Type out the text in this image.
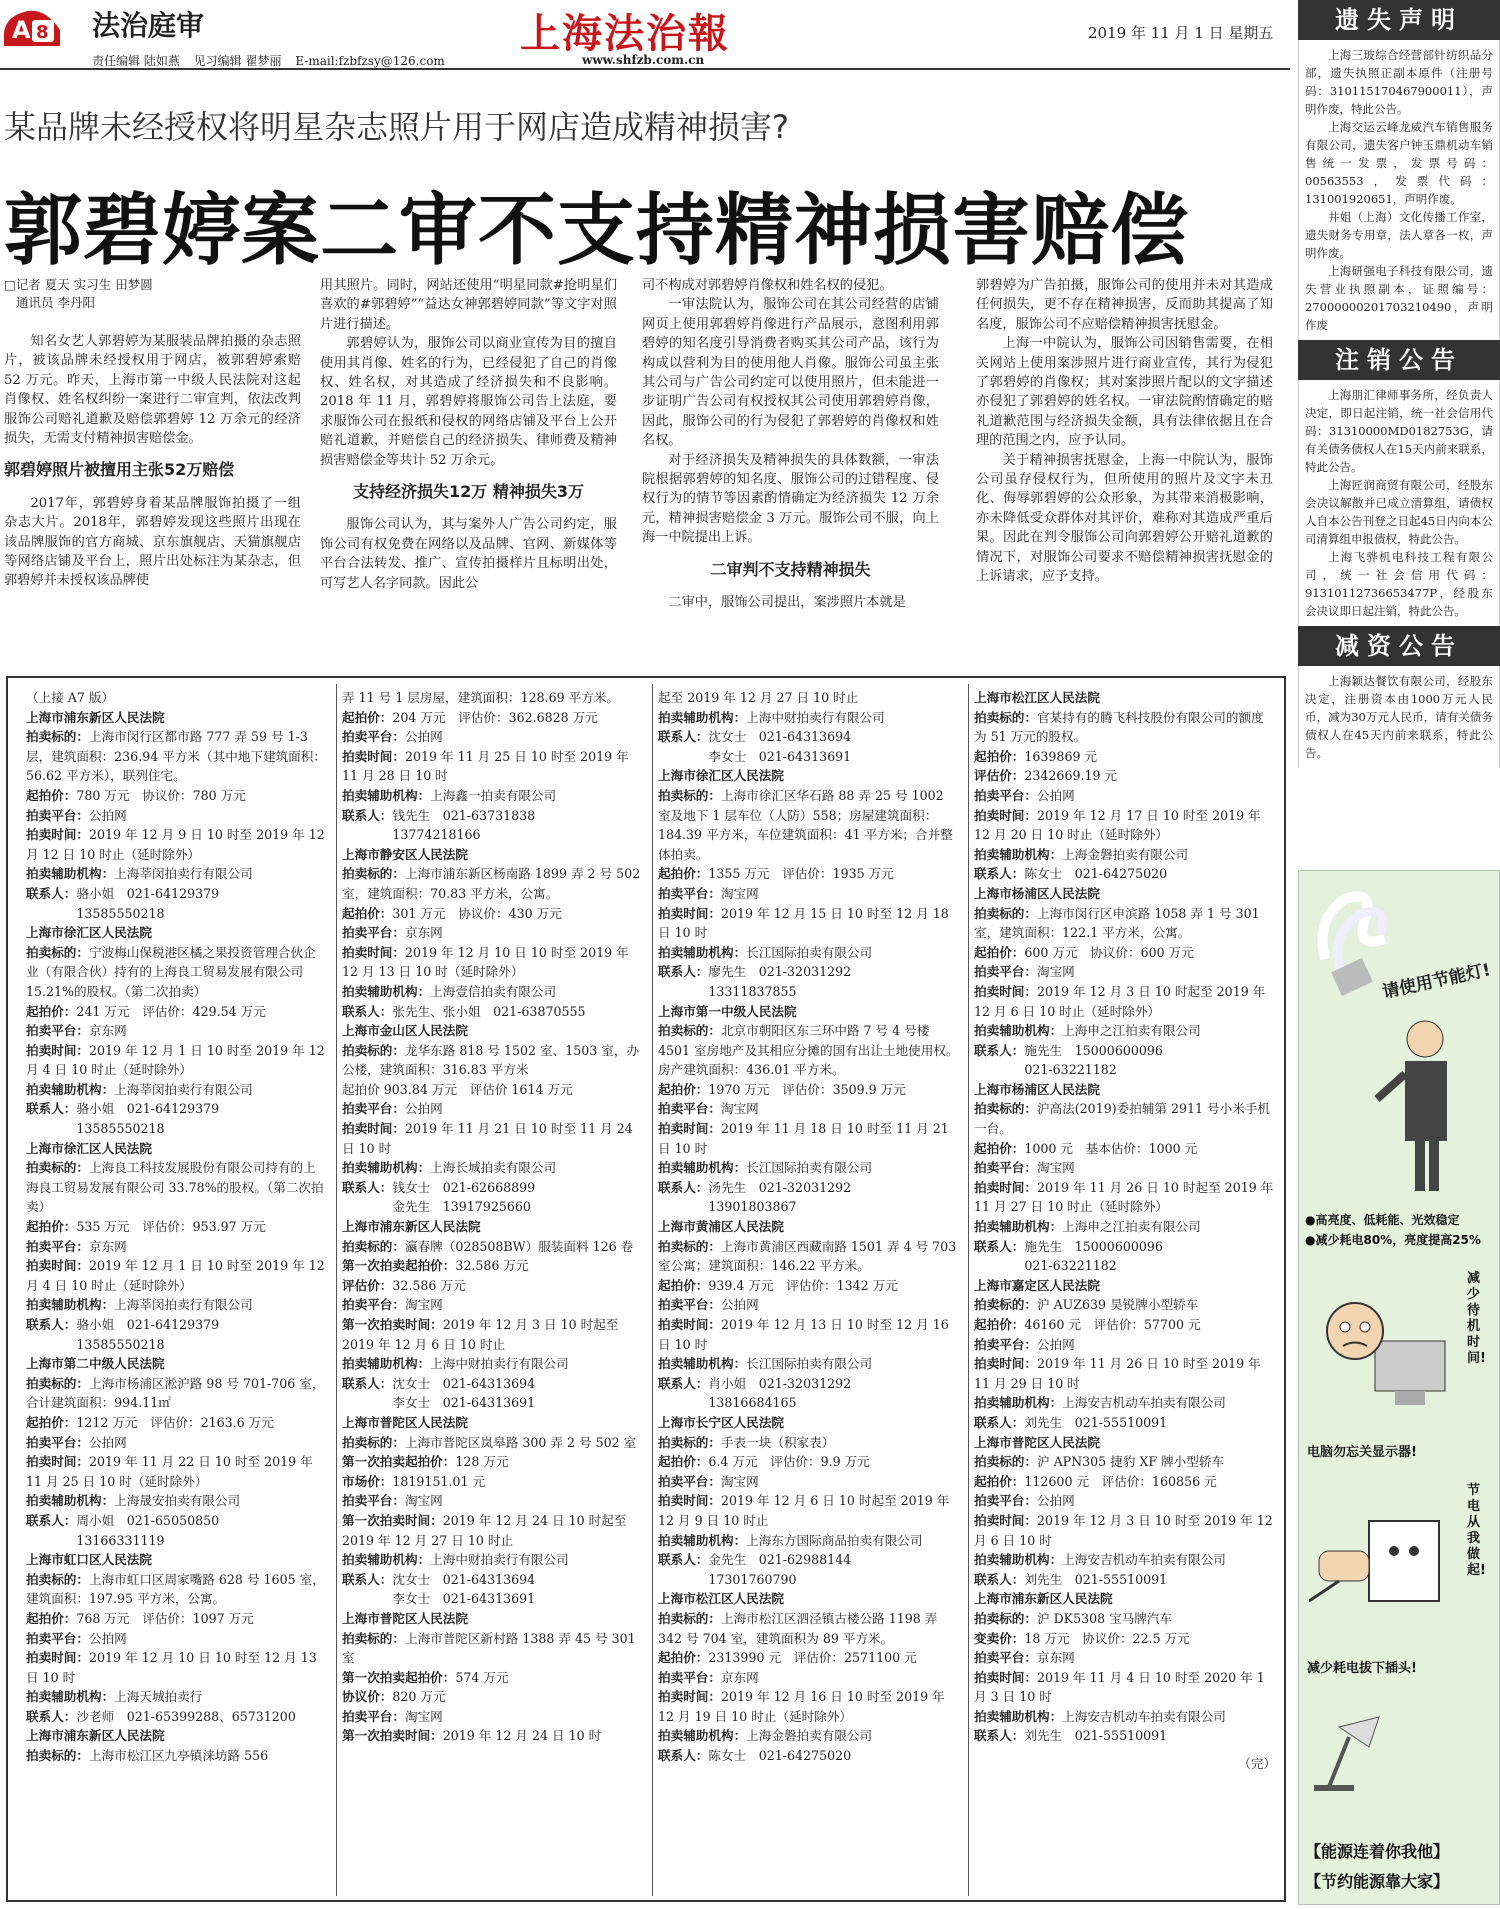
A 8 法治庭审
责任编辑 陆如燕 见习编辑 翟梦丽 E-mail:fzbfzsy@126.com
上海法治報
www.shfzb.com.cn
2019 年 11 月 1 日 星期五
某品牌未经授权将明星杂志照片用于网店造成精神损害?
郭碧婷案二审不支持精神损害赔偿
□记者 夏天 实习生 田梦圆
通讯员 李丹阳

知名女艺人郭碧婷为某服装品牌拍摄的杂志照片，被该品牌未经授权用于网店，被郭碧婷索赔 52 万元。昨天，上海市第一中级人民法院对这起肖像权、姓名权纠纷一案进行二审宣判，依法改判服饰公司赔礼道歉及赔偿郭碧婷 12 万余元的经济损失，无需支付精神损害赔偿金。

郭碧婷照片被擅用主张52万赔偿

2017年，郭碧婷身着某品牌服饰拍摄了一组杂志大片。2018年，郭碧婷发现这些照片出现在该品牌服饰的官方商城、京东旗舰店、天猫旗舰店等网络店铺及平台上，照片出处标注为某杂志，但郭碧婷并未授权该品牌使

用其照片。同时，网站还使用“明星同款#抢明星们喜欢的#郭碧婷”“益达女神郭碧婷同款”等文字对照片进行描述。

郭碧婷认为，服饰公司以商业宣传为目的擅自使用其肖像、姓名的行为，已经侵犯了自己的肖像权、姓名权，对其造成了经济损失和不良影响。2018 年 11 月，郭碧婷将服饰公司告上法庭，要求服饰公司在报纸和侵权的网络店铺及平台上公开赔礼道歉，并赔偿自己的经济损失、律师费及精神损害赔偿金等共计 52 万余元。

支持经济损失12万 精神损失3万

服饰公司认为，其与案外人广告公司约定，服饰公司有权免费在网络以及品牌、官网、新媒体等平台合法转发、推广、宣传拍摄样片且标明出处，可写艺人名字同款。因此公

司不构成对郭碧婷肖像权和姓名权的侵犯。

一审法院认为，服饰公司在其公司经营的店铺网页上使用郭碧婷肖像进行产品展示，意图利用郭碧婷的知名度引导消费者购买其公司产品，该行为构成以营利为目的使用他人肖像。服饰公司虽主张其公司与广告公司约定可以使用照片，但未能进一步证明广告公司有权授权其公司使用郭碧婷肖像，因此，服饰公司的行为侵犯了郭碧婷的肖像权和姓名权。

对于经济损失及精神损失的具体数额，一审法院根据郭碧婷的知名度、服饰公司的过错程度、侵权行为的情节等因素酌情确定为经济损失 12 万余元，精神损害赔偿金 3 万元。服饰公司不服，向上海一中院提出上诉。

二审判不支持精神损失

二审中，服饰公司提出，案涉照片本就是

郭碧婷为广告拍摄，服饰公司的使用并未对其造成任何损失，更不存在精神损害，反而助其提高了知名度，服饰公司不应赔偿精神损害抚慰金。

上海一中院认为，服饰公司因销售需要，在相关网站上使用案涉照片进行商业宣传，其行为侵犯了郭碧婷的肖像权；其对案涉照片配以的文字描述亦侵犯了郭碧婷的姓名权。一审法院酌情确定的赔礼道歉范围与经济损失金额，具有法律依据且在合理的范围之内，应予认同。

关于精神损害抚慰金，上海一中院认为，服饰公司虽存侵权行为，但所使用的照片及文字未丑化、侮辱郭碧婷的公众形象，为其带来消极影响，亦未降低受众群体对其评价，难称对其造成严重后果。因此在判令服饰公司向郭碧婷公开赔礼道歉的情况下，对服饰公司要求不赔偿精神损害抚慰金的上诉请求，应予支持。

（上接 A7 版）
上海市浦东新区人民法院
拍卖标的：上海市闵行区都市路 777 弄 59 号 1-3 层，建筑面积：236.94 平方米（其中地下建筑面积：56.62 平方米），联列住宅。
起拍价：780 万元　协议价：780 万元
拍卖平台：公拍网
拍卖时间：2019 年 12 月 9 日 10 时至 2019 年 12 月 12 日 10 时止（延时除外）
拍卖辅助机构：上海莘闵拍卖行有限公司
联系人：骆小姐　021-64129379
　　　　13585550218
上海市徐汇区人民法院
拍卖标的：宁波梅山保税港区橘之果投资管理合伙企业（有限合伙）持有的上海良工贸易发展有限公司 15.21%的股权。（第二次拍卖）
起拍价：241 万元　评估价：429.54 万元
拍卖平台：京东网
拍卖时间：2019 年 12 月 1 日 10 时至 2019 年 12 月 4 日 10 时止（延时除外）
拍卖辅助机构：上海莘闵拍卖行有限公司
联系人：骆小姐　021-64129379
　　　　13585550218
上海市徐汇区人民法院
拍卖标的：上海良工科技发展股份有限公司持有的上海良工贸易发展有限公司 33.78%的股权。（第二次拍卖）
起拍价：535 万元　评估价：953.97 万元
拍卖平台：京东网
拍卖时间：2019 年 12 月 1 日 10 时至 2019 年 12 月 4 日 10 时止（延时除外）
拍卖辅助机构：上海莘闵拍卖行有限公司
联系人：骆小姐　021-64129379
　　　　13585550218
上海市第二中级人民法院
拍卖标的：上海市杨浦区淞沪路 98 号 701-706 室，合计建筑面积：994.11㎡
起拍价：1212 万元　评估价：2163.6 万元
拍卖平台：公拍网
拍卖时间：2019 年 11 月 22 日 10 时至 2019 年 11 月 25 日 10 时（延时除外）
拍卖辅助机构：上海晟安拍卖有限公司
联系人：周小姐　021-65050850
　　　　13166331119
上海市虹口区人民法院
拍卖标的：上海市虹口区周家嘴路 628 号 1605 室，建筑面积：197.95 平方米，公寓。
起拍价：768 万元　评估价：1097 万元
拍卖平台：公拍网
拍卖时间：2019 年 12 月 10 日 10 时至 12 月 13 日 10 时
拍卖辅助机构：上海天城拍卖行
联系人：沙老师　021-65399288、65731200
上海市浦东新区人民法院
拍卖标的：上海市松江区九亭镇涞坊路 556
弄 11 号 1 层房屋，建筑面积：128.69 平方米。
起拍价：204 万元　评估价：362.6828 万元
拍卖平台：公拍网
拍卖时间：2019 年 11 月 25 日 10 时至 2019 年 11 月 28 日 10 时
拍卖辅助机构：上海鑫一拍卖有限公司
联系人：钱先生　021-63731838
　　　　13774218166
上海市静安区人民法院
拍卖标的：上海市浦东新区杨南路 1899 弄 2 号 502 室，建筑面积：70.83 平方米，公寓。
起拍价：301 万元　协议价：430 万元
拍卖平台：京东网
拍卖时间：2019 年 12 月 10 日 10 时至 2019 年 12 月 13 日 10 时（延时除外）
拍卖辅助机构：上海壹信拍卖有限公司
联系人：张先生、张小姐　021-63870555
上海市金山区人民法院
拍卖标的：龙华东路 818 号 1502 室、1503 室，办公楼，建筑面积：316.83 平方米
起拍价 903.84 万元　评估价 1614 万元
拍卖平台：公拍网
拍卖时间：2019 年 11 月 21 日 10 时至 11 月 24 日 10 时
拍卖辅助机构：上海长城拍卖有限公司
联系人：钱女士　021-62668899
　　　　金先生　13917925660
上海市浦东新区人民法院
拍卖标的：瀛春牌（028508BW）服装面料 126 卷
第一次拍卖起拍价：32.586 万元
评估价：32.586 万元
拍卖平台：淘宝网
第一次拍卖时间：2019 年 12 月 3 日 10 时起至 2019 年 12 月 6 日 10 时止
拍卖辅助机构：上海中财拍卖行有限公司
联系人：沈女士　021-64313694
　　　　李女士　021-64313691
上海市普陀区人民法院
拍卖标的：上海市普陀区岚皋路 300 弄 2 号 502 室
第一次拍卖起拍价：128 万元
市场价：1819151.01 元
拍卖平台：淘宝网
第一次拍卖时间：2019 年 12 月 24 日 10 时起至 2019 年 12 月 27 日 10 时止
拍卖辅助机构：上海中财拍卖行有限公司
联系人：沈女士　021-64313694
　　　　李女士　021-64313691
上海市普陀区人民法院
拍卖标的：上海市普陀区新村路 1388 弄 45 号 301 室
第一次拍卖起拍价：574 万元
协议价：820 万元
拍卖平台：淘宝网
第一次拍卖时间：2019 年 12 月 24 日 10 时
起至 2019 年 12 月 27 日 10 时止
拍卖辅助机构：上海中财拍卖行有限公司
联系人：沈女士　021-64313694
　　　　李女士　021-64313691
上海市徐汇区人民法院
拍卖标的：上海市徐汇区华石路 88 弄 25 号 1002 室及地下 1 层车位（人防）558；房屋建筑面积：184.39 平方米，车位建筑面积：41 平方米；合并整体拍卖。
起拍价：1355 万元　评估价：1935 万元
拍卖平台：淘宝网
拍卖时间：2019 年 12 月 15 日 10 时至 12 月 18 日 10 时
拍卖辅助机构：长江国际拍卖有限公司
联系人：廖先生　021-32031292
　　　　13311837855
上海市第一中级人民法院
拍卖标的：北京市朝阳区东三环中路 7 号 4 号楼 4501 室房地产及其相应分摊的国有出让土地使用权。房产建筑面积：436.01 平方米。
起拍价：1970 万元　评估价：3509.9 万元
拍卖平台：淘宝网
拍卖时间：2019 年 11 月 18 日 10 时至 11 月 21 日 10 时
拍卖辅助机构：长江国际拍卖有限公司
联系人：汤先生　021-32031292
　　　　13901803867
上海市黄浦区人民法院
拍卖标的：上海市黄浦区西藏南路 1501 弄 4 号 703 室公寓；建筑面积：146.22 平方米。
起拍价：939.4 万元　评估价：1342 万元
拍卖平台：公拍网
拍卖时间：2019 年 12 月 13 日 10 时至 12 月 16 日 10 时
拍卖辅助机构：长江国际拍卖有限公司
联系人：肖小姐　021-32031292
　　　　13816684165
上海市长宁区人民法院
拍卖标的：手表一块（积家表）
起拍价：6.4 万元　评估价：9.9 万元
拍卖平台：淘宝网
拍卖时间：2019 年 12 月 6 日 10 时起至 2019 年 12 月 9 日 10 时止
拍卖辅助机构：上海东方国际商品拍卖有限公司
联系人：金先生　021-62988144
　　　　17301760790
上海市松江区人民法院
拍卖标的：上海市松江区泗泾镇古楼公路 1198 弄 342 号 704 室，建筑面积为 89 平方米。
起拍价：2313990 元　评估价：2571100 元
拍卖平台：京东网
拍卖时间：2019 年 12 月 16 日 10 时至 2019 年 12 月 19 日 10 时止（延时除外）
拍卖辅助机构：上海金磐拍卖有限公司
联系人：陈女士　021-64275020
上海市松江区人民法院
拍卖标的：官某持有的腾飞科技股份有限公司的额度为 51 万元的股权。
起拍价：1639869 元
评估价：2342669.19 元
拍卖平台：公拍网
拍卖时间：2019 年 12 月 17 日 10 时至 2019 年 12 月 20 日 10 时止（延时除外）
拍卖辅助机构：上海金磐拍卖有限公司
联系人：陈女士　021-64275020
上海市杨浦区人民法院
拍卖标的：上海市闵行区申滨路 1058 弄 1 号 301 室，建筑面积：122.1 平方米，公寓。
起拍价：600 万元　协议价：600 万元
拍卖平台：淘宝网
拍卖时间：2019 年 12 月 3 日 10 时起至 2019 年 12 月 6 日 10 时止（延时除外）
拍卖辅助机构：上海申之江拍卖有限公司
联系人：施先生　15000600096
　　　　021-63221182
上海市杨浦区人民法院
拍卖标的：沪高法(2019)委拍辅第 2911 号小米手机一台。
起拍价：1000 元　基本估价：1000 元
拍卖平台：淘宝网
拍卖时间：2019 年 11 月 26 日 10 时起至 2019 年 11 月 27 日 10 时止（延时除外）
拍卖辅助机构：上海申之江拍卖有限公司
联系人：施先生　15000600096
　　　　021-63221182
上海市嘉定区人民法院
拍卖标的：沪 AUZ639 昊锐牌小型轿车
起拍价：46160 元　评估价：57700 元
拍卖平台：公拍网
拍卖时间：2019 年 11 月 26 日 10 时至 2019 年 11 月 29 日 10 时
拍卖辅助机构：上海安吉机动车拍卖有限公司
联系人：刘先生　021-55510091
上海市普陀区人民法院
拍卖标的：沪 APN305 捷豹 XF 牌小型轿车
起拍价：112600 元　评估价：160856 元
拍卖平台：公拍网
拍卖时间：2019 年 12 月 3 日 10 时至 2019 年 12 月 6 日 10 时
拍卖辅助机构：上海安吉机动车拍卖有限公司
联系人：刘先生　021-55510091
上海市浦东新区人民法院
拍卖标的：沪 DK5308 宝马牌汽车
变卖价：18 万元　协议价：22.5 万元
拍卖平台：京东网
拍卖时间：2019 年 11 月 4 日 10 时至 2020 年 1 月 3 日 10 时
拍卖辅助机构：上海安吉机动车拍卖有限公司
联系人：刘先生　021-55510091
（完）
遗失声明

上海三玻综合经营部针纺织品分部，遗失执照正副本原件（注册号码：310115170467900011），声明作废，特此公告。

上海交运云峰龙威汽车销售服务有限公司，遗失客户钟玉鼎机动车销售统一发票，发票号码：00563553，发票代码：131001920651，声明作废。

井姐（上海）文化传播工作室，遗失财务专用章，法人章各一枚，声明作废。

上海研强电子科技有限公司，遗失营业执照副本，证照编号：27000000201703210490，声明作废

注销公告

上海朋汇律师事务所，经负责人决定，即日起注销，统一社会信用代码：31310000MD0182753G，请有关债务债权人在15天内前来联系，特此公告。

上海匠润商贸有限公司，经股东会决议解散并已成立清算组，请债权人自本公告刊登之日起45日内向本公司清算组申报债权，特此公告。

上海飞骅机电科技工程有限公司，统一社会信用代码：91310112736653477P，经股东会决议即日起注销，特此公告。

减资公告

上海颖达餐饮有限公司，经股东决定，注册资本由1000万元人民币，减为30万元人民币，请有关债务债权人在45天内前来联系，特此公告。

请使用节能灯!
●高亮度、低耗能、光效稳定
●减少耗电80%，亮度提高25%
减少待机时间!
电脑勿忘关显示器!
节电从我做起!
减少耗电拔下插头!
【能源连着你我他】
【节约能源靠大家】
